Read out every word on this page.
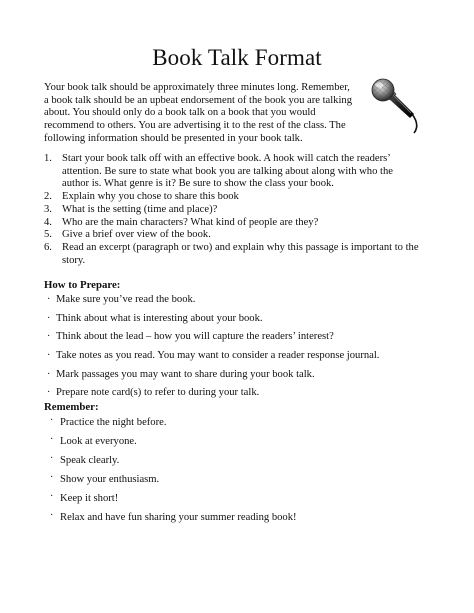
Book Talk Format
Your book talk should be approximately three minutes long. Remember,
a book talk should be an upbeat endorsement of the book you are talking
about. You should only do a book talk on a book that you would
recommend to others. You are advertising it to the rest of the class. The
following information should be presented in your book talk.
1. Start your book talk off with an effective book. A hook will catch the readers’
attention. Be sure to state what book you are talking about along with who the
author is. What genre is it? Be sure to show the class your book.
2. Explain why you chose to share this book
3. What is the setting (time and place)?
4. Who are the main characters? What kind of people are they?
5. Give a brief over view of the book.
6. Read an excerpt (paragraph or two) and explain why this passage is important to the
story.
How to Prepare:
· Make sure you’ve read the book.
· Think about what is interesting about your book.
· Think about the lead – how you will capture the readers’ interest?
· Take notes as you read. You may want to consider a reader response journal.
· Mark passages you may want to share during your book talk.
· Prepare note card(s) to refer to during your talk.
Remember:
· Practice the night before.
· Look at everyone.
· Speak clearly.
· Show your enthusiasm.
· Keep it short!
· Relax and have fun sharing your summer reading book!
